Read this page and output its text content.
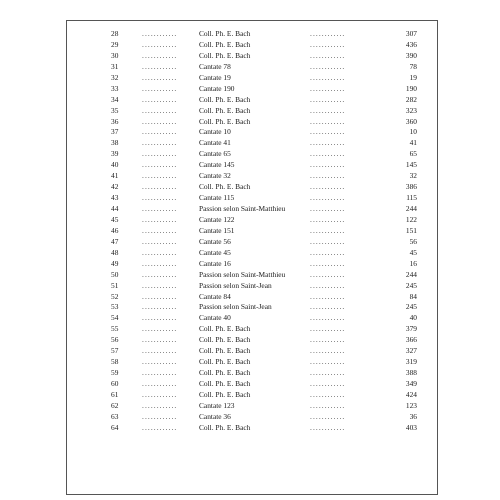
28	............	Coll. Ph. E. Bach	............	307
29	............	Coll. Ph. E. Bach	............	436
30	............	Coll. Ph. E. Bach	............	390
31	............	Cantate 78	............	78
32	............	Cantate 19	............	19
33	............	Cantate 190	............	190
34	............	Coll. Ph. E. Bach	............	282
35	............	Coll. Ph. E. Bach	............	323
36	............	Coll. Ph. E. Bach	............	360
37	............	Cantate 10	............	10
38	............	Cantate 41	............	41
39	............	Cantate 65	............	65
40	............	Cantate 145	............	145
41	............	Cantate 32	............	32
42	............	Coll. Ph. E. Bach	............	386
43	............	Cantate 115	............	115
44	............	Passion selon Saint-Matthieu	............	244
45	............	Cantate 122	............	122
46	............	Cantate 151	............	151
47	............	Cantate 56	............	56
48	............	Cantate 45	............	45
49	............	Cantate 16	............	16
50	............	Passion selon Saint-Matthieu	............	244
51	............	Passion selon Saint-Jean	............	245
52	............	Cantate 84	............	84
53	............	Passion selon Saint-Jean	............	245
54	............	Cantate 40	............	40
55	............	Coll. Ph. E. Bach	............	379
56	............	Coll. Ph. E. Bach	............	366
57	............	Coll. Ph. E. Bach	............	327
58	............	Coll. Ph. E. Bach	............	319
59	............	Coll. Ph. E. Bach	............	388
60	............	Coll. Ph. E. Bach	............	349
61	............	Coll. Ph. E. Bach	............	424
62	............	Cantate 123	............	123
63	............	Cantate 36	............	36
64	............	Coll. Ph. E. Bach	............	403
